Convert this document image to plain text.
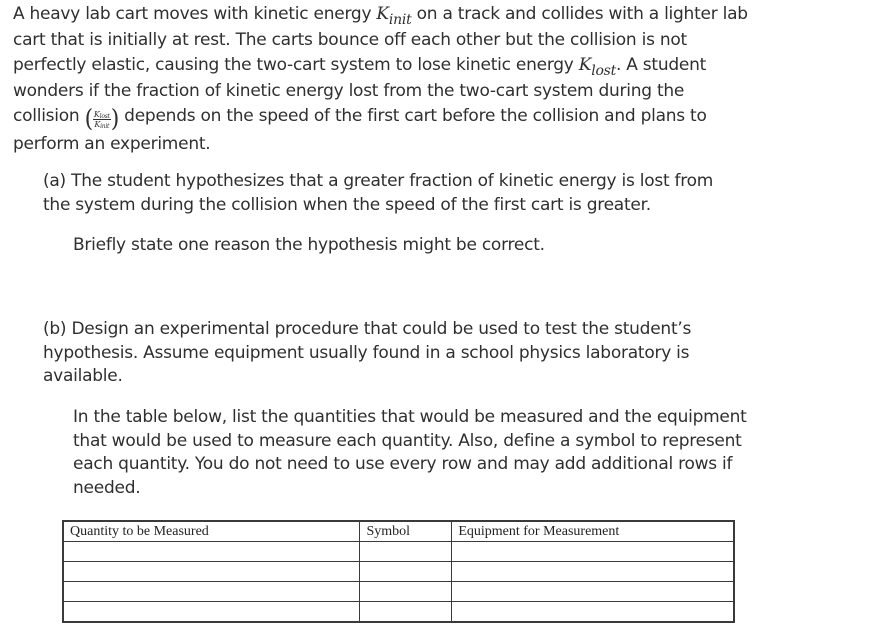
A heavy lab cart moves with kinetic energy $K_{init}$ on a track and collides with a lighter lab cart that is initially at rest. The carts bounce off each other but the collision is not perfectly elastic, causing the two-cart system to lose kinetic energy $K_{lost}$. A student wonders if the fraction of kinetic energy lost from the two-cart system during the collision ( $\frac{K_{lost}}{K_{init}}$ ) depends on the speed of the first cart before the collision and plans to perform an experiment.

(a) The student hypothesizes that a greater fraction of kinetic energy is lost from the system during the collision when the speed of the first cart is greater.

Briefly state one reason the hypothesis might be correct.

(b) Design an experimental procedure that could be used to test the student’s hypothesis. Assume equipment usually found in a school physics laboratory is available.

In the table below, list the quantities that would be measured and the equipment that would be used to measure each quantity. Also, define a symbol to represent each quantity. You do not need to use every row and may add additional rows if needed.

Quantity to be Measured	Symbol	Equipment for Measurement
